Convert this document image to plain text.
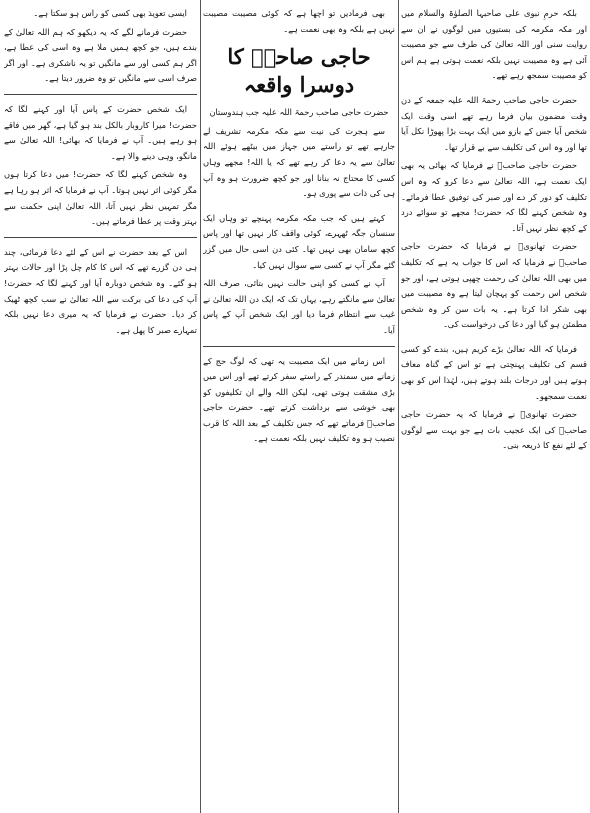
بلکہ حرمِ نبوی علی صاحبہا الصلوٰۃ والسلام میں اور مکہ مکرمہ کی بستیوں میں لوگوں نے ان سے روایت سنی اور اللہ تعالیٰ کی طرف سے جو مصیبت آئی ہے وہ مصیبت نہیں بلکہ نعمت ہوتی ہے ہم اس کو مصیبت سمجھ رہے تھے۔

حضرت حاجی صاحب رحمۃ اللہ علیہ جمعہ کے دن وقت مضمون بیان فرما رہے تھے اسی وقت ایک شخص آیا جس کے بازو میں ایک بہت بڑا پھوڑا نکل آیا تھا اور وہ اس کی تکلیف سے بے قرار تھا۔

حضرت حاجی صاحبؒ نے فرمایا کہ بھائی یہ بھی ایک نعمت ہے، اللہ تعالیٰ سے دعا کرو کہ وہ اس تکلیف کو دور کر دے اور صبر کی توفیق عطا فرمائے۔ وہ شخص کہنے لگا کہ حضرت! مجھے تو سوائے درد کے کچھ نظر نہیں آتا۔

حضرت تھانویؒ نے فرمایا کہ حضرت حاجی صاحبؒ نے فرمایا کہ اس کا جواب یہ ہے کہ تکلیف میں بھی اللہ تعالیٰ کی رحمت چھپی ہوتی ہے، اور جو شخص اس رحمت کو پہچان لیتا ہے وہ مصیبت میں بھی شکر ادا کرتا ہے۔ یہ بات سن کر وہ شخص مطمئن ہو گیا اور دعا کی درخواست کی۔

فرمایا کہ اللہ تعالیٰ بڑے کریم ہیں، بندے کو کسی قسم کی تکلیف پہنچتی ہے تو اس کے گناہ معاف ہوتے ہیں اور درجات بلند ہوتے ہیں، لہٰذا اس کو بھی نعمت سمجھو۔

حضرت تھانویؒ نے فرمایا کہ یہ حضرت حاجی صاحبؒ کی ایک عجیب بات ہے جو بہت سے لوگوں کے لئے نفع کا ذریعہ بنی۔

بھی فرمادیں تو اچھا ہے کہ کوئی مصیبت مصیبت نہیں ہے بلکہ وہ بھی نعمت ہے۔

حاجی صاحبؒ کا دوسرا واقعہ

حضرت حاجی صاحب رحمۃ اللہ علیہ جب ہندوستان

سے ہجرت کی نیت سے مکہ مکرمہ تشریف لے جارہے تھے تو راستے میں جہاز میں بیٹھے ہوئے اللہ تعالیٰ سے یہ دعا کر رہے تھے کہ یا اللہ! مجھے وہاں کسی کا محتاج نہ بنانا اور جو کچھ ضرورت ہو وہ آپ ہی کی ذات سے پوری ہو۔

کہتے ہیں کہ جب مکہ مکرمہ پہنچے تو وہاں ایک سنسان جگہ ٹھہرے، کوئی واقف کار نہیں تھا اور پاس کچھ سامان بھی نہیں تھا۔ کئی دن اسی حال میں گزر گئے مگر آپ نے کسی سے سوال نہیں کیا۔

آپ نے کسی کو اپنی حالت نہیں بتائی، صرف اللہ تعالیٰ سے مانگتے رہے، یہاں تک کہ ایک دن اللہ تعالیٰ نے غیب سے انتظام فرما دیا اور ایک شخص آپ کے پاس آیا۔

اس زمانے میں ایک مصیبت یہ تھی کہ لوگ حج کے زمانے میں سمندر کے راستے سفر کرتے تھے اور اس میں بڑی مشقت ہوتی تھی، لیکن اللہ والے ان تکلیفوں کو بھی خوشی سے برداشت کرتے تھے۔ حضرت حاجی صاحبؒ فرماتے تھے کہ جس تکلیف کے بعد اللہ کا قرب نصیب ہو وہ تکلیف نہیں بلکہ نعمت ہے۔

ایسی تعویذ بھی کسی کو راس ہو سکتا ہے۔

حضرت فرمانے لگے کہ یہ دیکھو کہ ہم اللہ تعالیٰ کے بندے ہیں، جو کچھ ہمیں ملا ہے وہ اسی کی عطا ہے، اگر ہم کسی اور سے مانگیں تو یہ ناشکری ہے۔ اور اگر صرف اسی سے مانگیں تو وہ ضرور دیتا ہے۔

ایک شخص حضرت کے پاس آیا اور کہنے لگا کہ حضرت! میرا کاروبار بالکل بند ہو گیا ہے، گھر میں فاقے ہو رہے ہیں۔ آپ نے فرمایا کہ بھائی! اللہ تعالیٰ سے مانگو، وہی دینے والا ہے۔

وہ شخص کہنے لگا کہ حضرت! میں دعا کرتا ہوں مگر کوئی اثر نہیں ہوتا۔ آپ نے فرمایا کہ اثر ہو رہا ہے مگر تمہیں نظر نہیں آتا، اللہ تعالیٰ اپنی حکمت سے بہتر وقت پر عطا فرماتے ہیں۔

اس کے بعد حضرت نے اس کے لئے دعا فرمائی، چند ہی دن گزرے تھے کہ اس کا کام چل پڑا اور حالات بہتر ہو گئے۔ وہ شخص دوبارہ آیا اور کہنے لگا کہ حضرت! آپ کی دعا کی برکت سے اللہ تعالیٰ نے سب کچھ ٹھیک کر دیا۔ حضرت نے فرمایا کہ یہ میری دعا نہیں بلکہ تمہارے صبر کا پھل ہے۔
